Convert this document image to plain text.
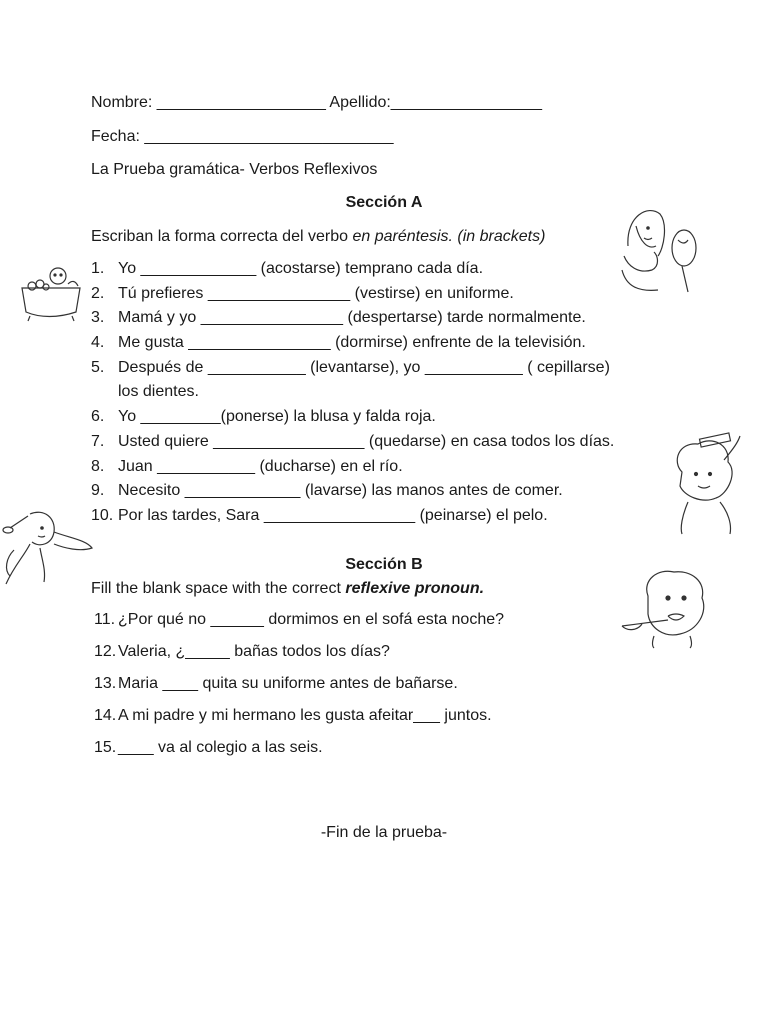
Nombre: ___________________ Apellido:_________________
Fecha: ____________________________
La Prueba gramática- Verbos Reflexivos
Sección A
Escriban la forma correcta del verbo en paréntesis. (in brackets)
1. Yo _____________ (acostarse) temprano cada día.
2. Tú prefieres ________________ (vestirse) en uniforme.
3. Mamá y yo ________________ (despertarse) tarde normalmente.
4. Me gusta ________________ (dormirse) enfrente de la televisión.
5. Después de ___________ (levantarse), yo ___________ ( cepillarse)
los dientes.
6. Yo _________(ponerse) la blusa y falda roja.
7. Usted quiere _________________ (quedarse) en casa todos los días.
8. Juan ___________ (ducharse) en el río.
9. Necesito _____________ (lavarse) las manos antes de comer.
10. Por las tardes, Sara _________________ (peinarse) el pelo.
Sección B
Fill the blank space with the correct reflexive pronoun.
11. ¿Por qué no ______ dormimos en el sofá esta noche?
12. Valeria, ¿_____ bañas todos los días?
13. Maria ____ quita su uniforme antes de bañarse.
14. A mi padre y mi hermano les gusta afeitar___ juntos.
15. ____ va al colegio a las seis.
-Fin de la prueba-
